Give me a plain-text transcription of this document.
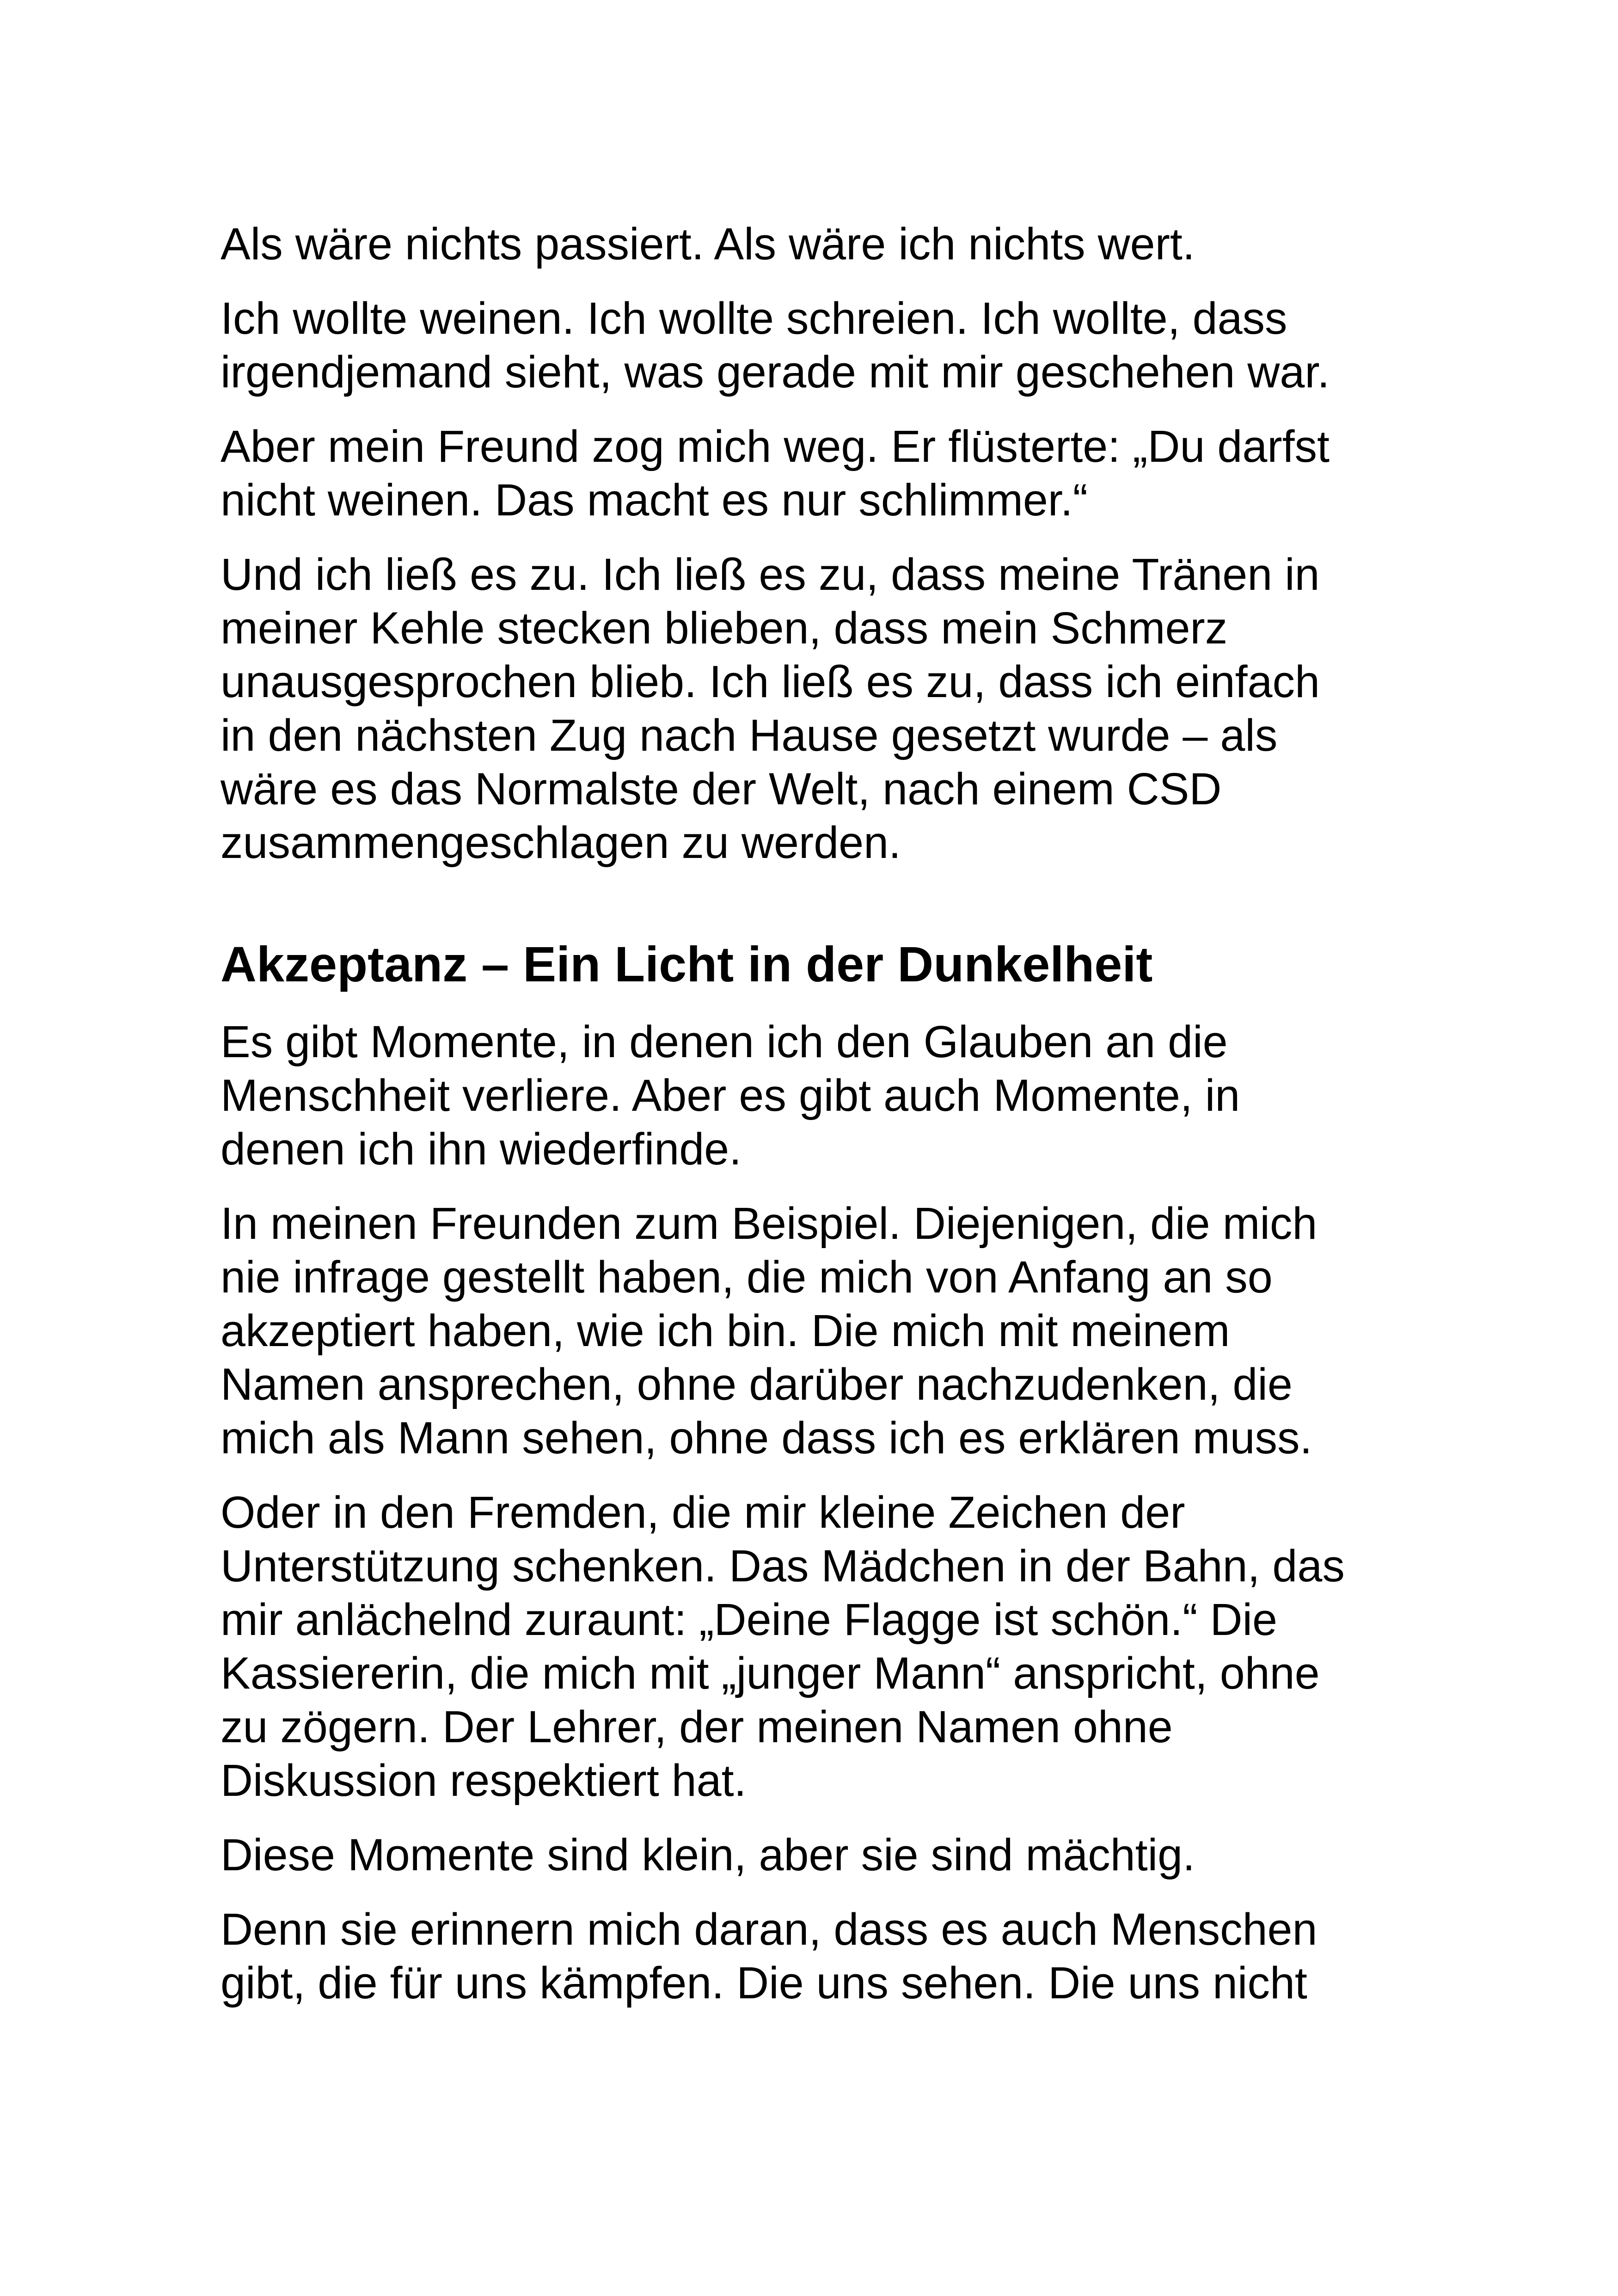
Als wäre nichts passiert. Als wäre ich nichts wert.

Ich wollte weinen. Ich wollte schreien. Ich wollte, dass
irgendjemand sieht, was gerade mit mir geschehen war.

Aber mein Freund zog mich weg. Er flüsterte: „Du darfst
nicht weinen. Das macht es nur schlimmer.“

Und ich ließ es zu. Ich ließ es zu, dass meine Tränen in
meiner Kehle stecken blieben, dass mein Schmerz
unausgesprochen blieb. Ich ließ es zu, dass ich einfach
in den nächsten Zug nach Hause gesetzt wurde – als
wäre es das Normalste der Welt, nach einem CSD
zusammengeschlagen zu werden.

Akzeptanz – Ein Licht in der Dunkelheit

Es gibt Momente, in denen ich den Glauben an die
Menschheit verliere. Aber es gibt auch Momente, in
denen ich ihn wiederfinde.

In meinen Freunden zum Beispiel. Diejenigen, die mich
nie infrage gestellt haben, die mich von Anfang an so
akzeptiert haben, wie ich bin. Die mich mit meinem
Namen ansprechen, ohne darüber nachzudenken, die
mich als Mann sehen, ohne dass ich es erklären muss.

Oder in den Fremden, die mir kleine Zeichen der
Unterstützung schenken. Das Mädchen in der Bahn, das
mir anlächelnd zuraunt: „Deine Flagge ist schön.“ Die
Kassiererin, die mich mit „junger Mann“ anspricht, ohne
zu zögern. Der Lehrer, der meinen Namen ohne
Diskussion respektiert hat.

Diese Momente sind klein, aber sie sind mächtig.

Denn sie erinnern mich daran, dass es auch Menschen
gibt, die für uns kämpfen. Die uns sehen. Die uns nicht
